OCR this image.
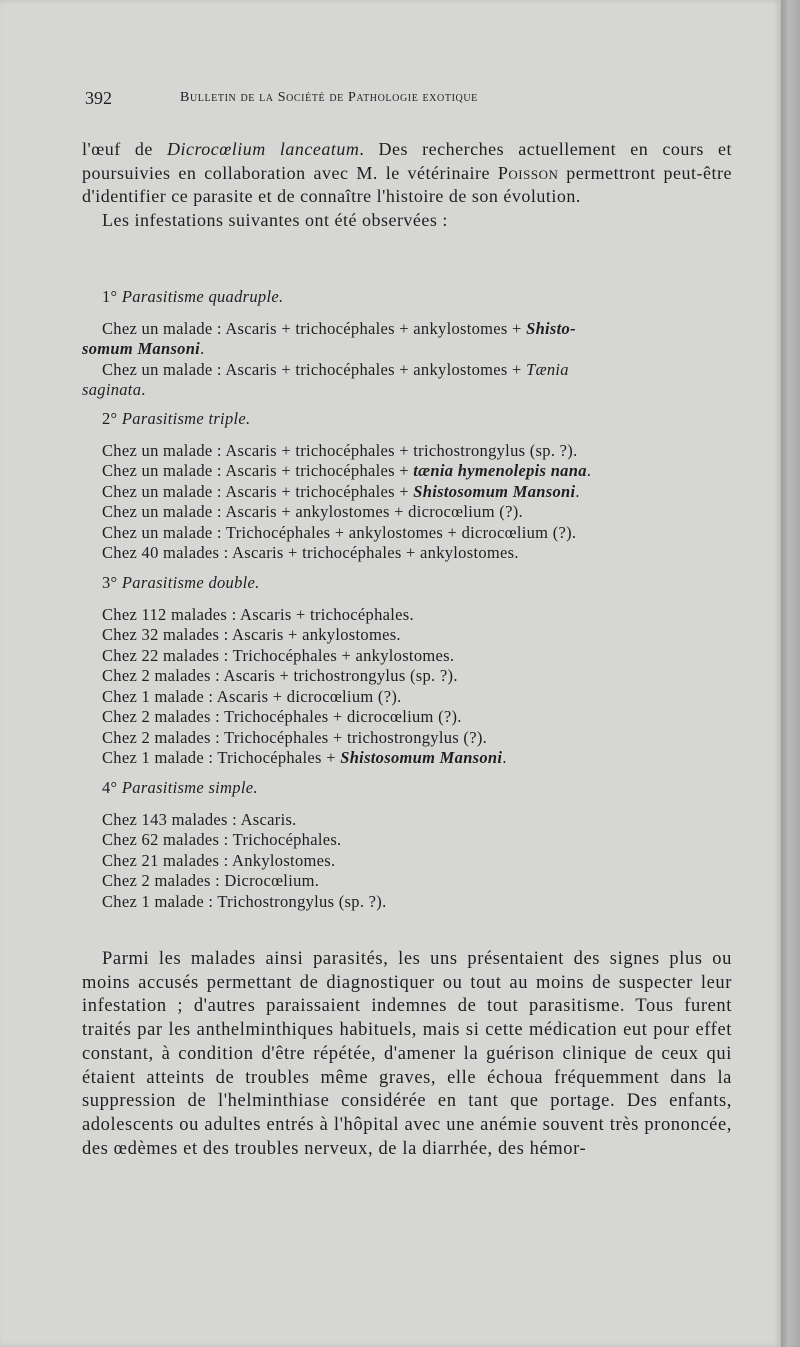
392	Bulletin de la Société de Pathologie exotique

l'œuf de Dicrocœlium lanceatum. Des recherches actuellement en cours et poursuivies en collaboration avec M. le vétérinaire Poisson permettront peut-être d'identifier ce parasite et de connaître l'histoire de son évolution.

Les infestations suivantes ont été observées :

1° Parasitisme quadruple.

Chez un malade : Ascaris + trichocéphales + ankylostomes + Shisto-

somum Mansoni.

Chez un malade : Ascaris + trichocéphales + ankylostomes + Tænia

saginata.

2° Parasitisme triple.

Chez un malade : Ascaris + trichocéphales + trichostrongylus (sp. ?).

Chez un malade : Ascaris + trichocéphales + tænia hymenolepis nana.

Chez un malade : Ascaris + trichocéphales + Shistosomum Mansoni.

Chez un malade : Ascaris + ankylostomes + dicrocœlium (?).

Chez un malade : Trichocéphales + ankylostomes + dicrocœlium (?).

Chez 40 malades : Ascaris + trichocéphales + ankylostomes.

3° Parasitisme double.

Chez 112 malades : Ascaris + trichocéphales.

Chez 32 malades : Ascaris + ankylostomes.

Chez 22 malades : Trichocéphales + ankylostomes.

Chez 2 malades : Ascaris + trichostrongylus (sp. ?).

Chez 1 malade : Ascaris + dicrocœlium (?).

Chez 2 malades : Trichocéphales + dicrocœlium (?).

Chez 2 malades : Trichocéphales + trichostrongylus (?).

Chez 1 malade : Trichocéphales + Shistosomum Mansoni.

4° Parasitisme simple.

Chez 143 malades : Ascaris.

Chez 62 malades : Trichocéphales.

Chez 21 malades : Ankylostomes.

Chez 2 malades : Dicrocœlium.

Chez 1 malade : Trichostrongylus (sp. ?).

Parmi les malades ainsi parasités, les uns présentaient des signes plus ou moins accusés permettant de diagnostiquer ou tout au moins de suspecter leur infestation ; d'autres paraissaient indemnes de tout parasitisme. Tous furent traités par les anthelminthiques habituels, mais si cette médication eut pour effet constant, à condition d'être répétée, d'amener la guérison clinique de ceux qui étaient atteints de troubles même graves, elle échoua fréquemment dans la suppression de l'helminthiase considérée en tant que portage. Des enfants, adolescents ou adultes entrés à l'hôpital avec une anémie souvent très prononcée, des œdèmes et des troubles nerveux, de la diarrhée, des hémor-
